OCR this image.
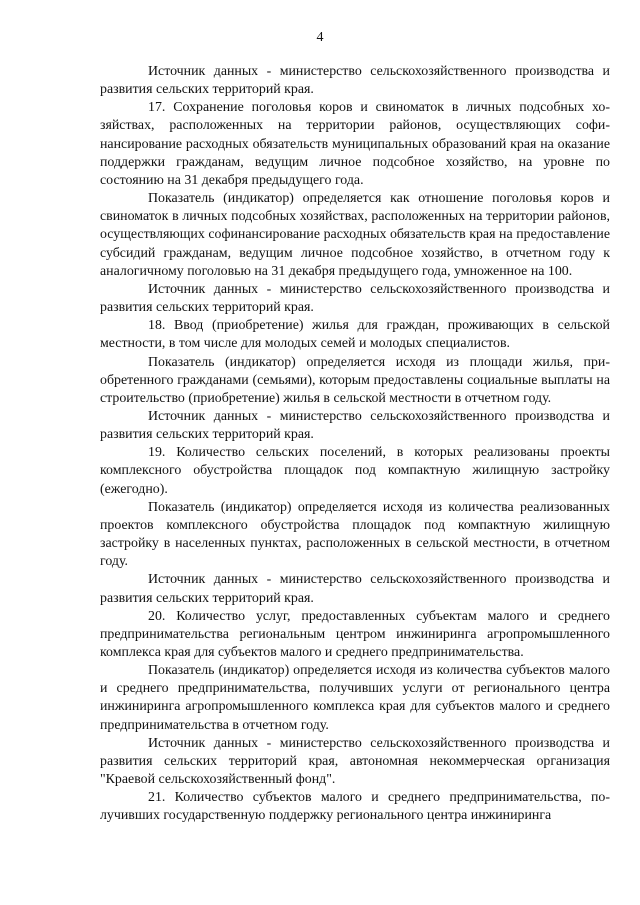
4

Источник данных - министерство сельскохозяйственного производства и развития сельских территорий края.

17. Сохранение поголовья коров и свиноматок в личных подсобных хозяйствах, расположенных на территории районов, осуществляющих софинансирование расходных обязательств муниципальных образований края на оказание поддержки гражданам, ведущим личное подсобное хозяйство, на уровне по состоянию на 31 декабря предыдущего года.

Показатель (индикатор) определяется как отношение поголовья коров и свиноматок в личных подсобных хозяйствах, расположенных на территории районов, осуществляющих софинансирование расходных обязательств края на предоставление субсидий гражданам, ведущим личное подсобное хозяйство, в отчетном году к аналогичному поголовью на 31 декабря предыдущего года, умноженное на 100.

Источник данных - министерство сельскохозяйственного производства и развития сельских территорий края.

18. Ввод (приобретение) жилья для граждан, проживающих в сельской местности, в том числе для молодых семей и молодых специалистов.

Показатель (индикатор) определяется исходя из площади жилья, приобретенного гражданами (семьями), которым предоставлены социальные выплаты на строительство (приобретение) жилья в сельской местности в отчетном году.

Источник данных - министерство сельскохозяйственного производства и развития сельских территорий края.

19. Количество сельских поселений, в которых реализованы проекты комплексного обустройства площадок под компактную жилищную застройку (ежегодно).

Показатель (индикатор) определяется исходя из количества реализованных проектов комплексного обустройства площадок под компактную жилищную застройку в населенных пунктах, расположенных в сельской местности, в отчетном году.

Источник данных - министерство сельскохозяйственного производства и развития сельских территорий края.

20. Количество услуг, предоставленных субъектам малого и среднего предпринимательства региональным центром инжиниринга агропромышленного комплекса края для субъектов малого и среднего предпринимательства.

Показатель (индикатор) определяется исходя из количества субъектов малого и среднего предпринимательства, получивших услуги от регионального центра инжиниринга агропромышленного комплекса края для субъектов малого и среднего предпринимательства в отчетном году.

Источник данных - министерство сельскохозяйственного производства и развития сельских территорий края, автономная некоммерческая организация "Краевой сельскохозяйственный фонд".

21. Количество субъектов малого и среднего предпринимательства, получивших государственную поддержку регионального центра инжиниринга
